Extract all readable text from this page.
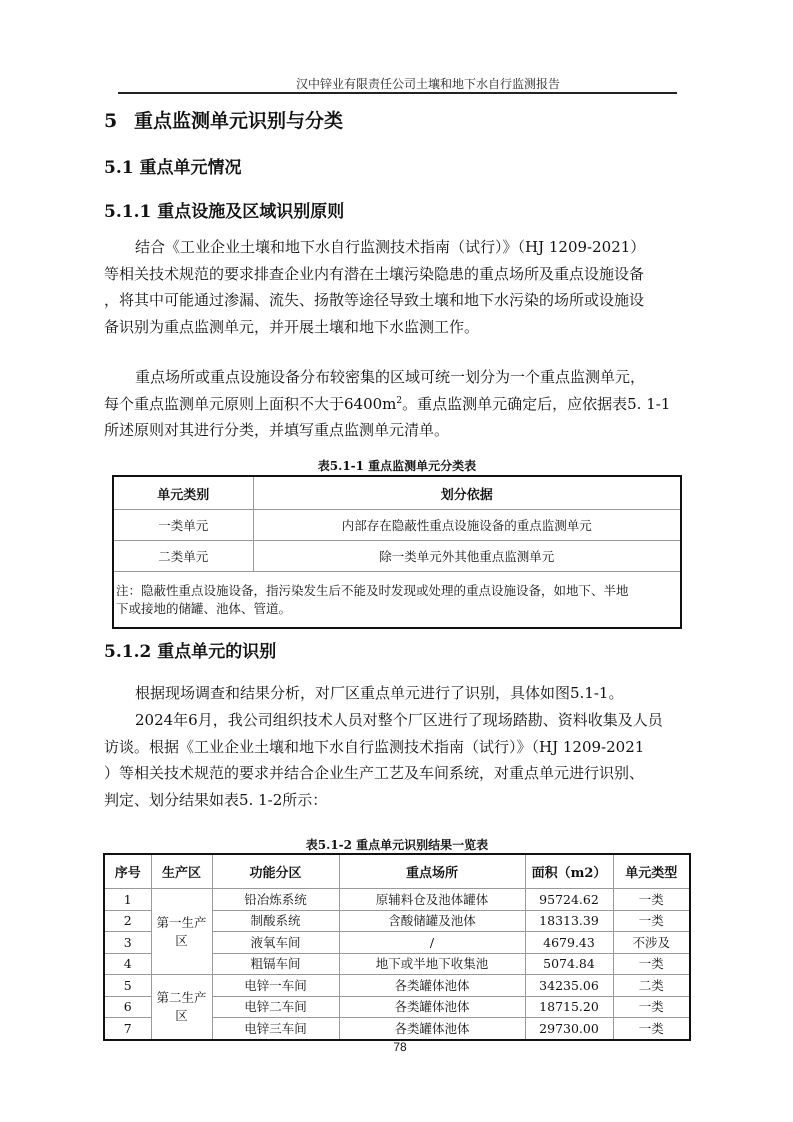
汉中锌业有限责任公司土壤和地下水自行监测报告
5 重点监测单元识别与分类
5.1 重点单元情况
5.1.1 重点设施及区域识别原则
结合《工业企业土壤和地下水自行监测技术指南（试行）》（HJ 1209-2021）
等相关技术规范的要求排查企业内有潜在土壤污染隐患的重点场所及重点设施设备
，将其中可能通过渗漏、流失、扬散等途径导致土壤和地下水污染的场所或设施设
备识别为重点监测单元，并开展土壤和地下水监测工作。
重点场所或重点设施设备分布较密集的区域可统一划分为一个重点监测单元，
每个重点监测单元原则上面积不大于$6400m^2$。重点监测单元确定后，应依据表5. 1-1
所述原则对其进行分类，并填写重点监测单元清单。
表5.1-1 重点监测单元分类表
单元类别	划分依据
一类单元	内部存在隐蔽性重点设施设备的重点监测单元
二类单元	除一类单元外其他重点监测单元

注：隐蔽性重点设施设备，指污染发生后不能及时发现或处理的重点设施设备，如地下、半地
下或接地的储罐、池体、管道。	
5.1.2 重点单元的识别
根据现场调查和结果分析，对厂区重点单元进行了识别，具体如图5.1-1。
2024年6月，我公司组织技术人员对整个厂区进行了现场踏勘、资料收集及人员
访谈。根据《工业企业土壤和地下水自行监测技术指南（试行）》（HJ 1209-2021
）等相关技术规范的要求并结合企业生产工艺及车间系统，对重点单元进行识别、
判定、划分结果如表5. 1-2所示：
表5.1-2 重点单元识别结果一览表
序号	生产区	功能分区	重点场所	面积（m2）	单元类型
1	第一生产区	铅冶炼系统	原辅料仓及池体罐体	95724.62	一类
2		制酸系统	含酸储罐及池体	18313.39	一类
3		液氧车间	/	4679.43	不涉及
4		粗镉车间	地下或半地下收集池	5074.84	一类
5	第二生产区	电锌一车间	各类罐体池体	34235.06	二类
6		电锌二车间	各类罐体池体	18715.20	一类
7		电锌三车间	各类罐体池体	29730.00	一类
78
